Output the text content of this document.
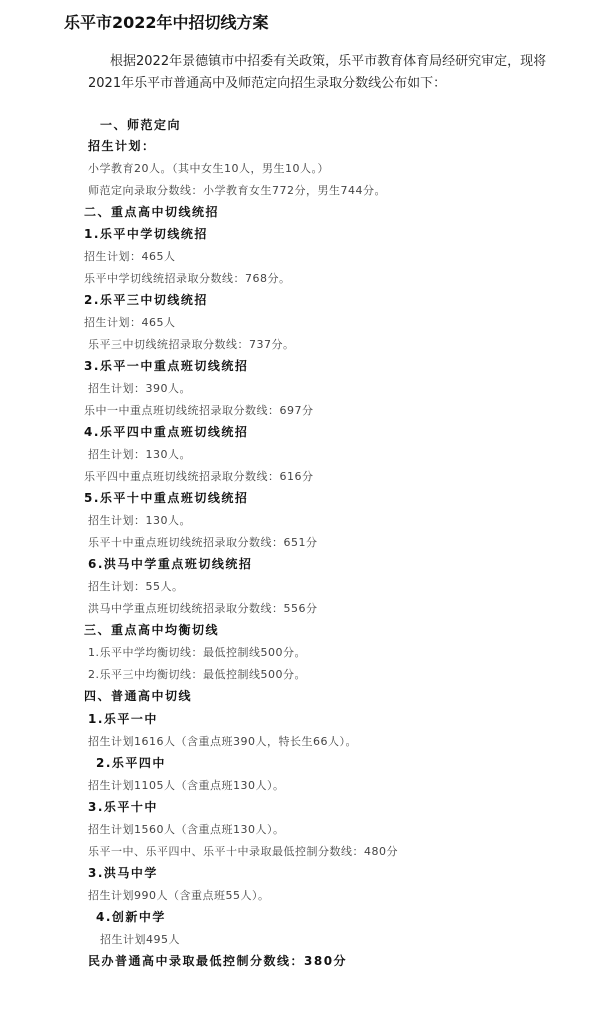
乐平市2022年中招切线方案
根据2022年景德镇市中招委有关政策，乐平市教育体育局经研究审定，现将
2021年乐平市普通高中及师范定向招生录取分数线公布如下：
一、师范定向
招生计划：
小学教育20人。（其中女生10人，男生10人。）
师范定向录取分数线：小学教育女生772分，男生744分。
二、重点高中切线统招
1.乐平中学切线统招
招生计划：465人
乐平中学切线统招录取分数线：768分。
2.乐平三中切线统招
招生计划：465人
乐平三中切线统招录取分数线：737分。
3.乐平一中重点班切线统招
招生计划：390人。
乐中一中重点班切线统招录取分数线：697分
4.乐平四中重点班切线统招
招生计划：130人。
乐平四中重点班切线统招录取分数线：616分
5.乐平十中重点班切线统招
招生计划：130人。
乐平十中重点班切线统招录取分数线：651分
6.洪马中学重点班切线统招
招生计划：55人。
洪马中学重点班切线统招录取分数线：556分
三、重点高中均衡切线
1.乐平中学均衡切线：最低控制线500分。
2.乐平三中均衡切线：最低控制线500分。
四、普通高中切线
1.乐平一中
招生计划1616人（含重点班390人，特长生66人）。
2.乐平四中
招生计划1105人（含重点班130人）。
3.乐平十中
招生计划1560人（含重点班130人）。
乐平一中、乐平四中、乐平十中录取最低控制分数线：480分
3.洪马中学
招生计划990人（含重点班55人）。
4.创新中学
招生计划495人
民办普通高中录取最低控制分数线：380分
